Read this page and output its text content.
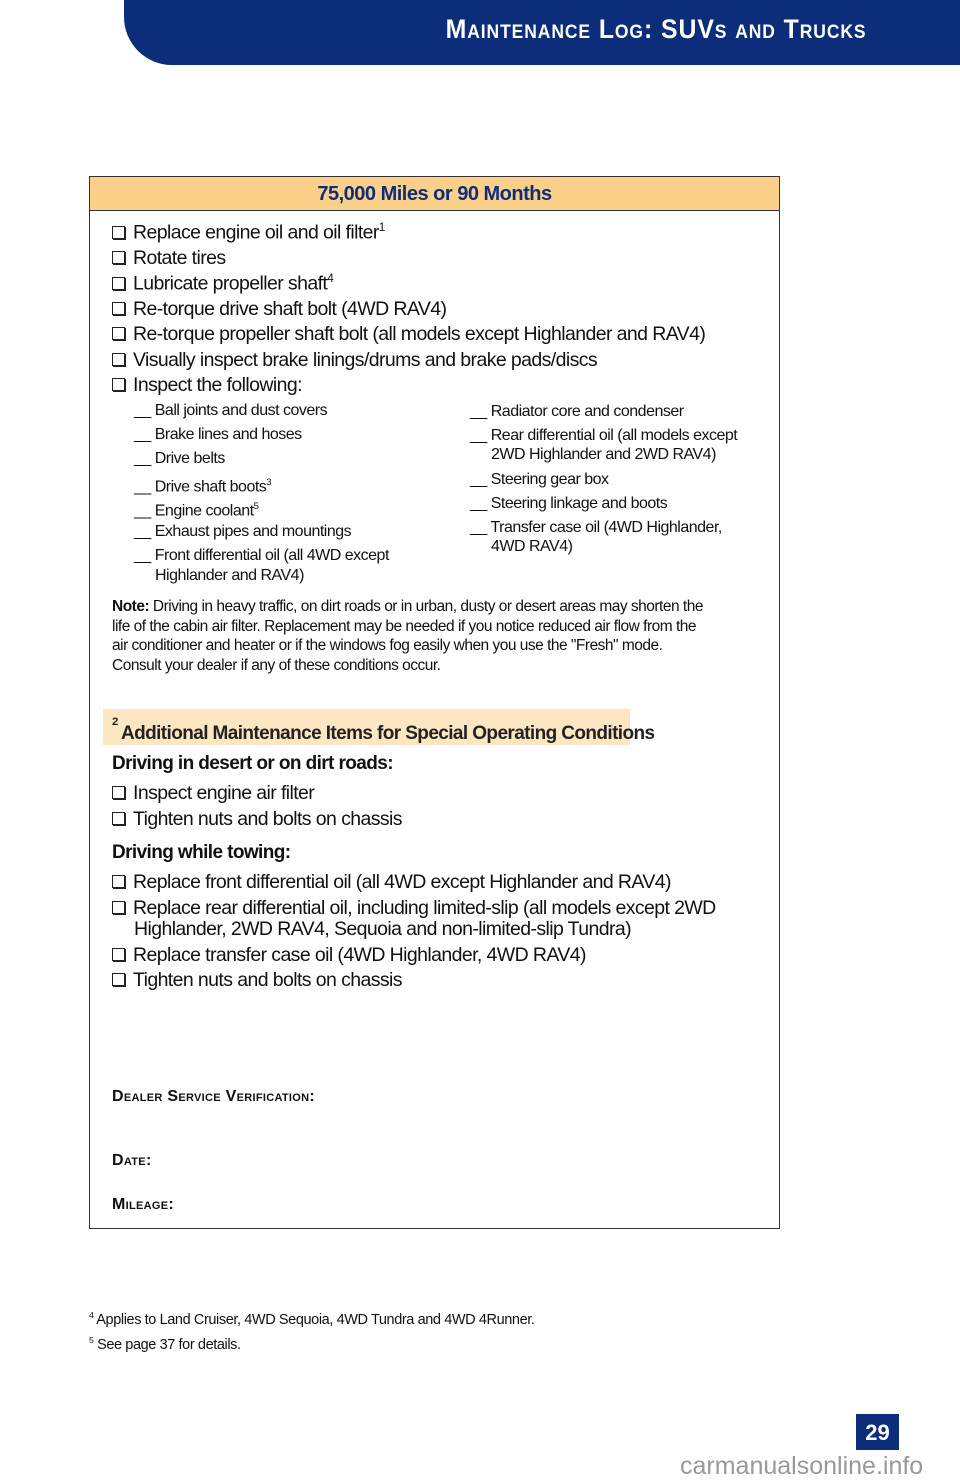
Maintenance Log: SUVs and Trucks
75,000 Miles or 90 Months
Replace engine oil and oil filter$^1$
Rotate tires
Lubricate propeller shaft$^4$
Re-torque drive shaft bolt (4WD RAV4)
Re-torque propeller shaft bolt (all models except Highlander and RAV4)
Visually inspect brake linings/drums and brake pads/discs
Inspect the following:
__ Ball joints and dust covers
__ Brake lines and hoses
__ Drive belts
__ Drive shaft boots$^3$
__ Engine coolant$^5$
__ Exhaust pipes and mountings
__ Front differential oil (all 4WD except
Highlander and RAV4)
__ Radiator core and condenser
__ Rear differential oil (all models except
2WD Highlander and 2WD RAV4)
__ Steering gear box
__ Steering linkage and boots
__ Transfer case oil (4WD Highlander,
4WD RAV4)
Note: Driving in heavy traffic, on dirt roads or in urban, dusty or desert areas may shorten the life of the cabin air filter. Replacement may be needed if you notice reduced air flow from the air conditioner and heater or if the windows fog easily when you use the "Fresh" mode. Consult your dealer if any of these conditions occur.
Additional Maintenance Items for Special Operating Conditions
$^2$
Driving in desert or on dirt roads:
Inspect engine air filter
Tighten nuts and bolts on chassis
Driving while towing:
Replace front differential oil (all 4WD except Highlander and RAV4)
Replace rear differential oil, including limited-slip (all models except 2WD
Highlander, 2WD RAV4, Sequoia and non-limited-slip Tundra)
Replace transfer case oil (4WD Highlander, 4WD RAV4)
Tighten nuts and bolts on chassis
Dealer Service Verification:
Date:
Mileage:
$^4$ Applies to Land Cruiser, 4WD Sequoia, 4WD Tundra and 4WD 4Runner.
$^5$ See page 37 for details.
29
carmanualsonline.info
